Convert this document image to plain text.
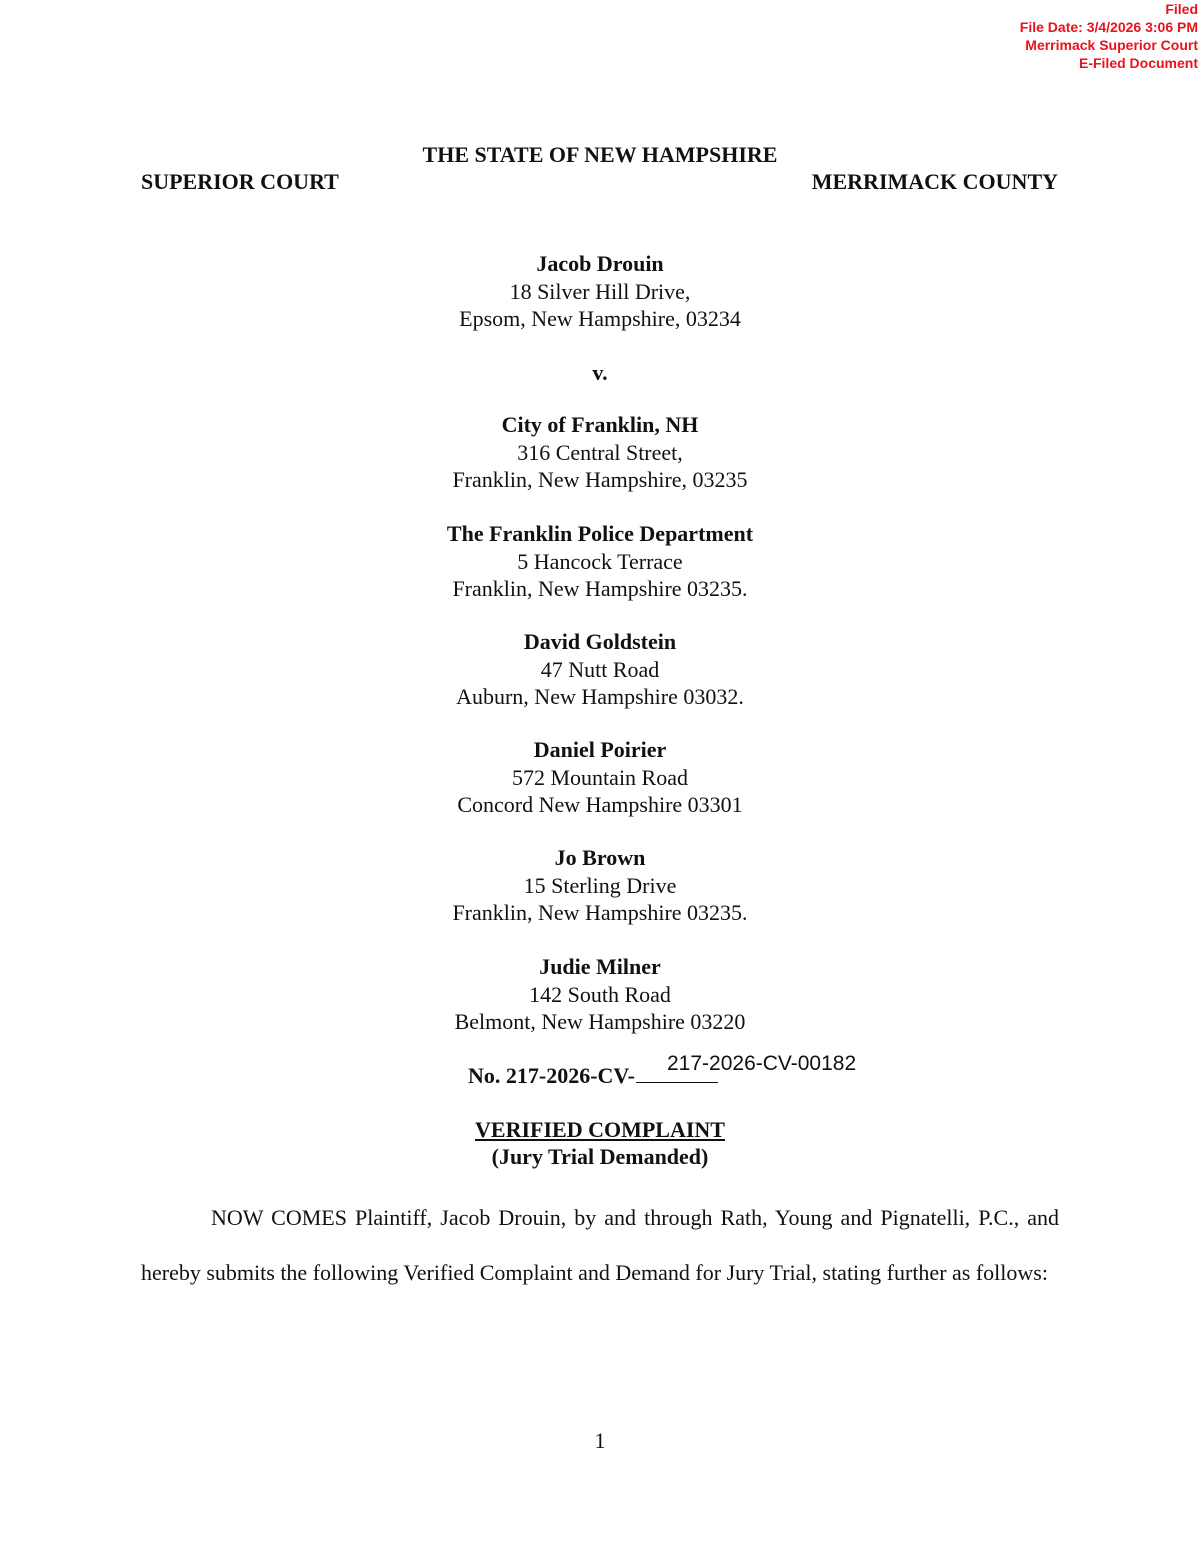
Filed
File Date: 3/4/2026 3:06 PM
Merrimack Superior Court
E-Filed Document
THE STATE OF NEW HAMPSHIRE
SUPERIOR COURT	MERRIMACK COUNTY
Jacob Drouin
18 Silver Hill Drive,
Epsom, New Hampshire, 03234
v.
City of Franklin, NH
316 Central Street,
Franklin, New Hampshire, 03235
The Franklin Police Department
5 Hancock Terrace
Franklin, New Hampshire 03235.
David Goldstein
47 Nutt Road
Auburn, New Hampshire 03032.
Daniel Poirier
572 Mountain Road
Concord New Hampshire 03301
Jo Brown
15 Sterling Drive
Franklin, New Hampshire 03235.
Judie Milner
142 South Road
Belmont, New Hampshire 03220
No. 217-2026-CV-	217-2026-CV-00182
VERIFIED COMPLAINT
(Jury Trial Demanded)

NOW COMES Plaintiff, Jacob Drouin, by and through Rath, Young and Pignatelli, P.C., and hereby submits the following Verified Complaint and Demand for Jury Trial, stating further as follows:

1
